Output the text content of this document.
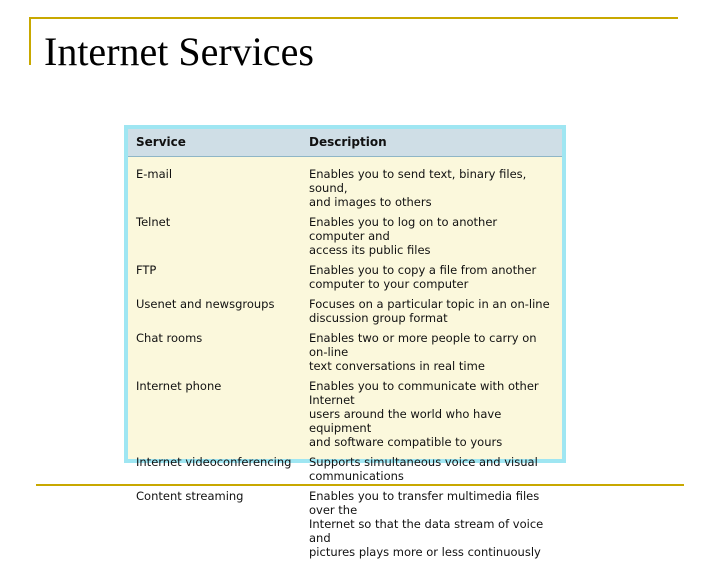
Internet Services
Service	Description
E-mail	Enables you to send text, binary files, sound,
and images to others

Telnet	Enables you to log on to another computer and
access its public files

FTP	Enables you to copy a file from another
computer to your computer

Usenet and newsgroups	Focuses on a particular topic in an on-line
discussion group format

Chat rooms	Enables two or more people to carry on on-line
text conversations in real time

Internet phone	Enables you to communicate with other Internet
users around the world who have equipment
and software compatible to yours

Internet videoconferencing	Supports simultaneous voice and visual
communications

Content streaming	Enables you to transfer multimedia files over the
Internet so that the data stream of voice and
pictures plays more or less continuously
